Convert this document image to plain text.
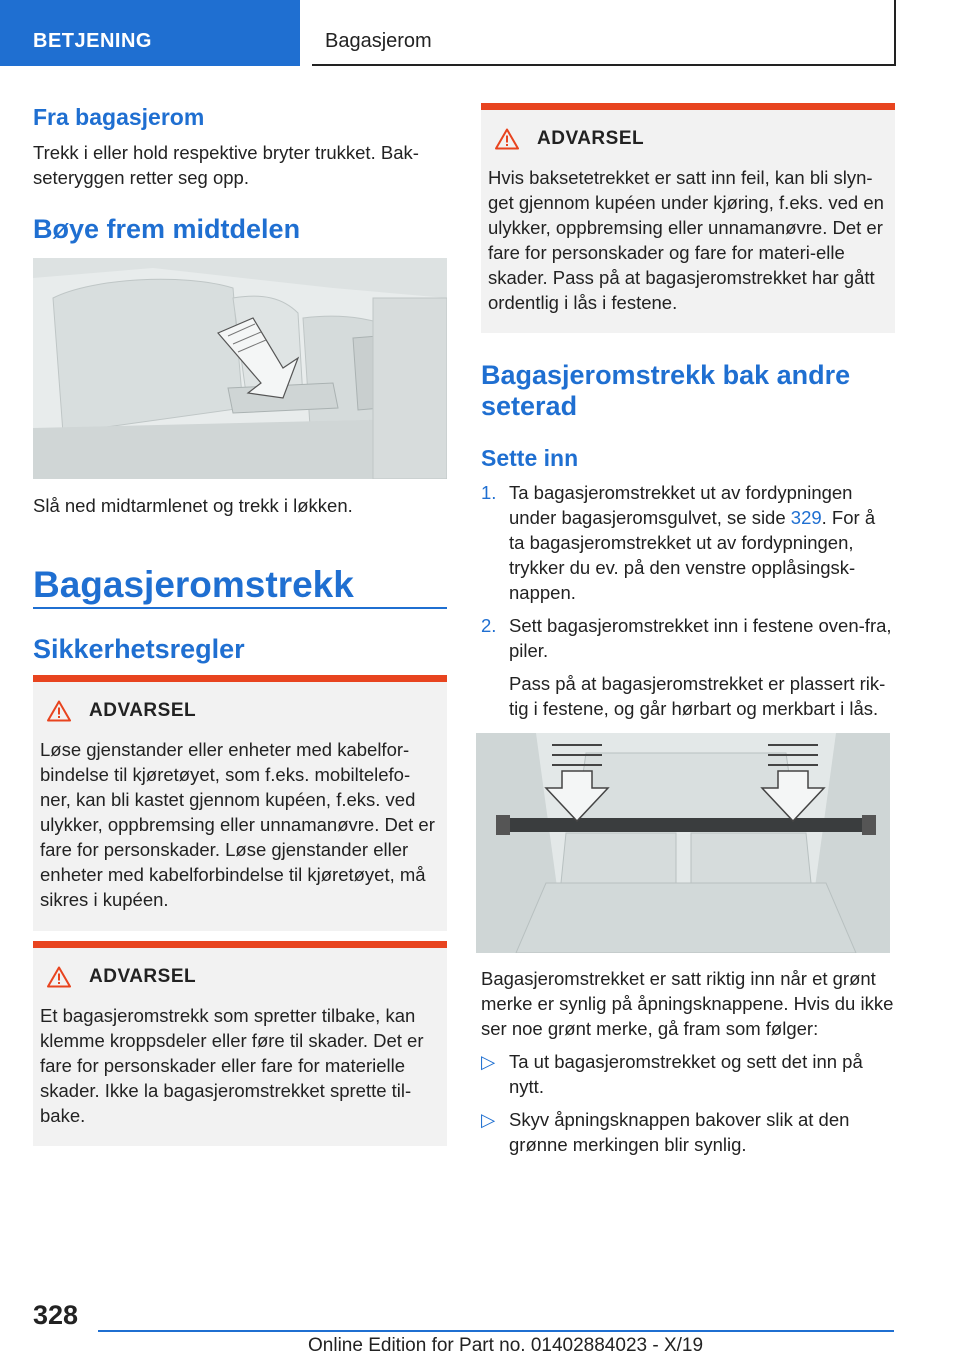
BETJENING	Bagasjerom
Fra bagasjerom

Trekk i eller hold respektive bryter trukket. Bak-seteryggen retter seg opp.

Bøye frem midtdelen

Slå ned midtarmlenet og trekk i løkken.

Bagasjeromstrekk
Sikkerhetsregler
ADVARSEL
Løse gjenstander eller enheter med kabelfor-bindelse til kjøretøyet, som f.eks. mobiltelefo-ner, kan bli kastet gjennom kupéen, f.eks. ved ulykker, oppbremsing eller unnamanøvre. Det er fare for personskader. Løse gjenstander eller enheter med kabelforbindelse til kjøretøyet, må sikres i kupéen.
ADVARSEL
Et bagasjeromstrekk som spretter tilbake, kan klemme kroppsdeler eller føre til skader. Det er fare for personskader eller fare for materielle skader. Ikke la bagasjeromstrekket sprette til-bake.
ADVARSEL
Hvis baksetetrekket er satt inn feil, kan bli slyn-get gjennom kupéen under kjøring, f.eks. ved en ulykker, oppbremsing eller unnamanøvre. Det er fare for personskader og fare for materi-elle skader. Pass på at bagasjeromstrekket har gått ordentlig i lås i festene.
Bagasjeromstrekk bak andre seterad
Sette inn
1. Ta bagasjeromstrekket ut av fordypningen under bagasjeromsgulvet, se side 329. For å ta bagasjeromstrekket ut av fordypningen, trykker du ev. på den venstre opplåsingsk-nappen.
2. Sett bagasjeromstrekket inn i festene oven-fra, piler.
Pass på at bagasjeromstrekket er plassert rik-tig i festene, og går hørbart og merkbart i lås.

Bagasjeromstrekket er satt riktig inn når et grønt merke er synlig på åpningsknappene. Hvis du ikke ser noe grønt merke, gå fram som følger:

▷ Ta ut bagasjeromstrekket og sett det inn på nytt.
▷ Skyv åpningsknappen bakover slik at den grønne merkingen blir synlig.
328
Online Edition for Part no. 01402884023 - X/19
